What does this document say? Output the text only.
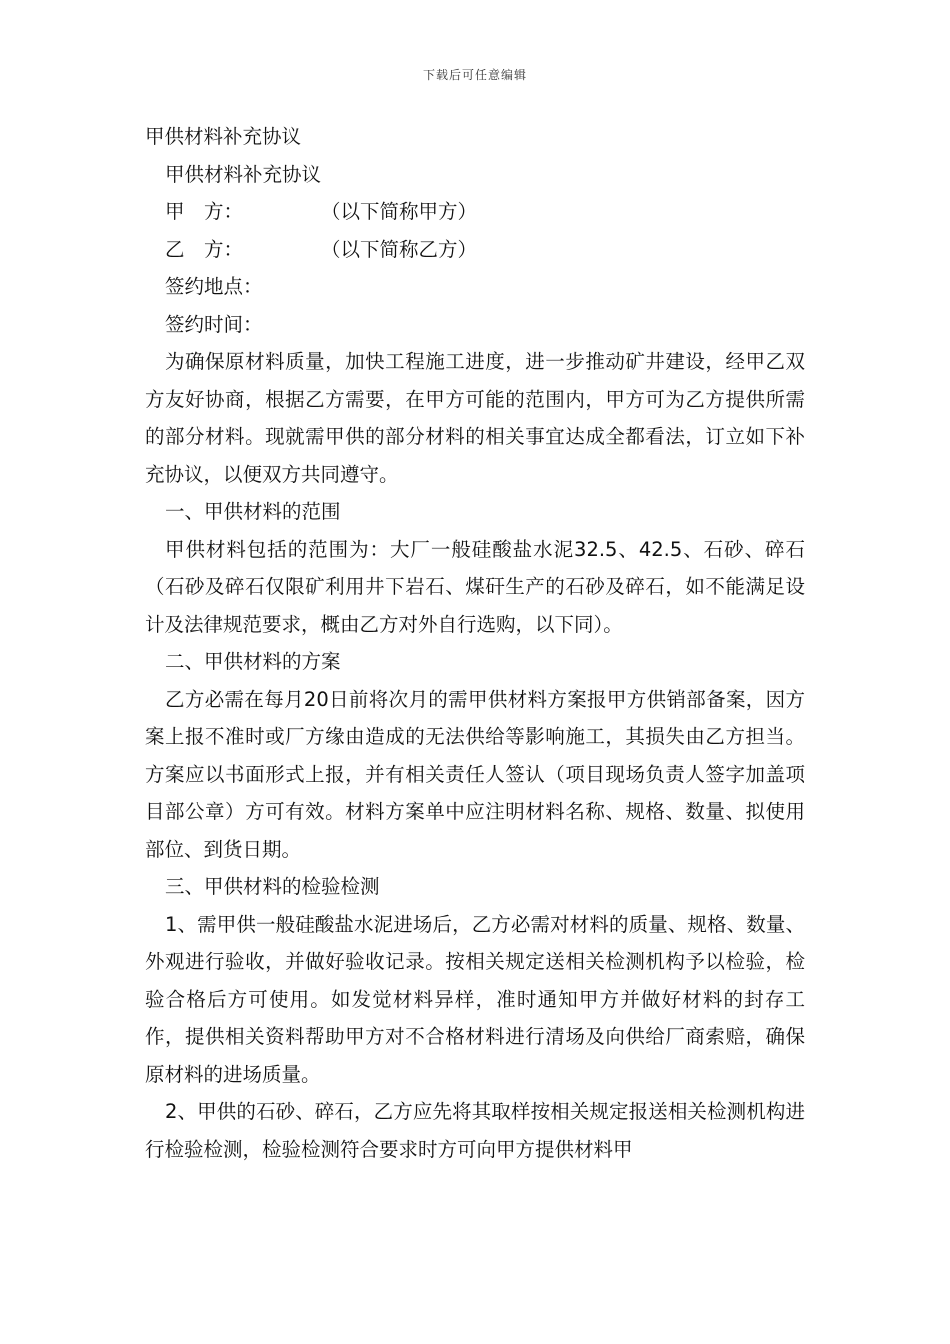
下载后可任意编辑
甲供材料补充协议
甲供材料补充协议
甲　方：　　　　　（以下简称甲方）
乙　方：　　　　　（以下简称乙方）
签约地点：
签约时间：
为确保原材料质量，加快工程施工进度，进一步推动矿井建设，经甲乙双方友好协商，根据乙方需要，在甲方可能的范围内，甲方可为乙方提供所需的部分材料。现就需甲供的部分材料的相关事宜达成全都看法，订立如下补充协议，以便双方共同遵守。
一、甲供材料的范围
甲供材料包括的范围为：大厂一般硅酸盐水泥32.5、42.5、石砂、碎石（石砂及碎石仅限矿利用井下岩石、煤矸生产的石砂及碎石，如不能满足设计及法律规范要求，概由乙方对外自行选购，以下同）。
二、甲供材料的方案
乙方必需在每月20日前将次月的需甲供材料方案报甲方供销部备案，因方案上报不准时或厂方缘由造成的无法供给等影响施工，其损失由乙方担当。方案应以书面形式上报，并有相关责任人签认（项目现场负责人签字加盖项目部公章）方可有效。材料方案单中应注明材料名称、规格、数量、拟使用部位、到货日期。
三、甲供材料的检验检测
1、需甲供一般硅酸盐水泥进场后，乙方必需对材料的质量、规格、数量、外观进行验收，并做好验收记录。按相关规定送相关检测机构予以检验，检验合格后方可使用。如发觉材料异样，准时通知甲方并做好材料的封存工作，提供相关资料帮助甲方对不合格材料进行清场及向供给厂商索赔，确保原材料的进场质量。
2、甲供的石砂、碎石，乙方应先将其取样按相关规定报送相关检测机构进行检验检测，检验检测符合要求时方可向甲方提供材料甲
